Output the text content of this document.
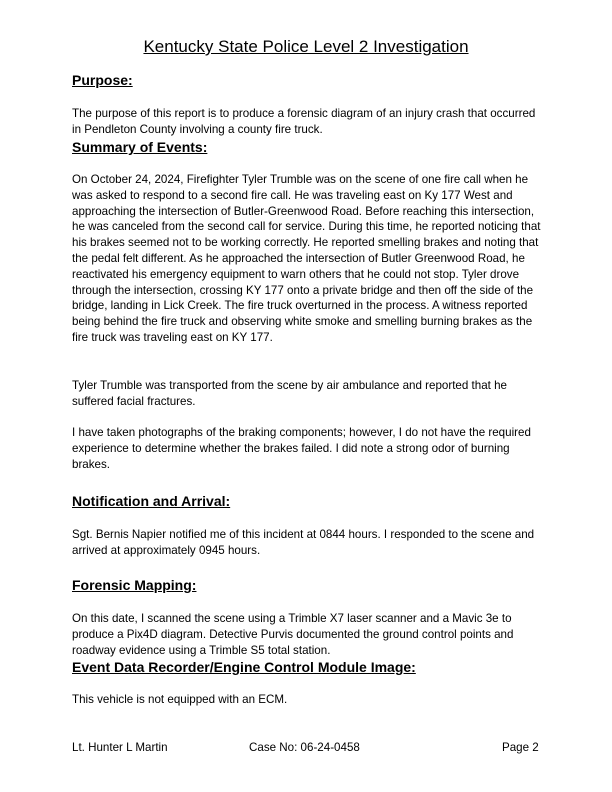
Kentucky State Police Level 2 Investigation
Purpose:
The purpose of this report is to produce a forensic diagram of an injury crash that occurred in Pendleton County involving a county fire truck.
Summary of Events:
On October 24, 2024, Firefighter Tyler Trumble was on the scene of one fire call when he was asked to respond to a second fire call. He was traveling east on Ky 177 West and approaching the intersection of Butler-Greenwood Road. Before reaching this intersection, he was canceled from the second call for service. During this time, he reported noticing that his brakes seemed not to be working correctly. He reported smelling brakes and noting that the pedal felt different. As he approached the intersection of Butler Greenwood Road, he reactivated his emergency equipment to warn others that he could not stop. Tyler drove through the intersection, crossing KY 177 onto a private bridge and then off the side of the bridge, landing in Lick Creek. The fire truck overturned in the process. A witness reported being behind the fire truck and observing white smoke and smelling burning brakes as the fire truck was traveling east on KY 177.
Tyler Trumble was transported from the scene by air ambulance and reported that he suffered facial fractures.
I have taken photographs of the braking components; however, I do not have the required experience to determine whether the brakes failed. I did note a strong odor of burning brakes.
Notification and Arrival:
Sgt. Bernis Napier notified me of this incident at 0844 hours. I responded to the scene and arrived at approximately 0945 hours.
Forensic Mapping:
On this date, I scanned the scene using a Trimble X7 laser scanner and a Mavic 3e to produce a Pix4D diagram. Detective Purvis documented the ground control points and roadway evidence using a Trimble S5 total station.
Event Data Recorder/Engine Control Module Image:
This vehicle is not equipped with an ECM.
Lt. Hunter L Martin	Case No: 06-24-0458	Page 2
